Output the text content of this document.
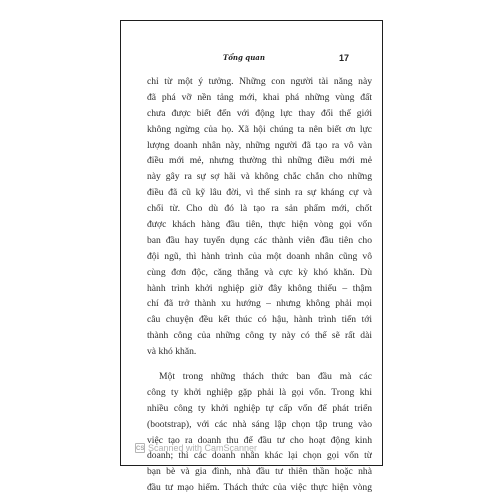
Tổng quan	17
chỉ từ một ý tưởng. Những con người tài năng này
đã phá vỡ nền tảng mới, khai phá những vùng đất
chưa được biết đến với động lực thay đổi thế giới
không ngừng của họ. Xã hội chúng ta nên biết ơn lực
lượng doanh nhân này, những người đã tạo ra vô vàn
điều mới mẻ, nhưng thường thì những điều mới mẻ
này gây ra sự sợ hãi và không chắc chắn cho những
điều đã cũ kỹ lâu đời, vì thế sinh ra sự kháng cự và
chối từ. Cho dù đó là tạo ra sản phẩm mới, chốt
được khách hàng đầu tiên, thực hiện vòng gọi vốn
ban đầu hay tuyển dụng các thành viên đầu tiên cho
đội ngũ, thì hành trình của một doanh nhân cũng vô
cùng đơn độc, căng thẳng và cực kỳ khó khăn. Dù
hành trình khởi nghiệp giờ đây không thiếu – thậm
chí đã trở thành xu hướng – nhưng không phải mọi
câu chuyện đều kết thúc có hậu, hành trình tiến tới
thành công của những công ty này có thể sẽ rất dài
và khó khăn.
Một trong những thách thức ban đầu mà các
công ty khởi nghiệp gặp phải là gọi vốn. Trong khi
nhiều công ty khởi nghiệp tự cấp vốn để phát triển
(bootstrap), với các nhà sáng lập chọn tập trung vào
việc tạo ra doanh thu để đầu tư cho hoạt động kinh
doanh; thì các doanh nhân khác lại chọn gọi vốn từ
bạn bè và gia đình, nhà đầu tư thiên thần hoặc nhà
đầu tư mạo hiểm. Thách thức của việc thực hiện vòng
CS Scanned with CamScanner
